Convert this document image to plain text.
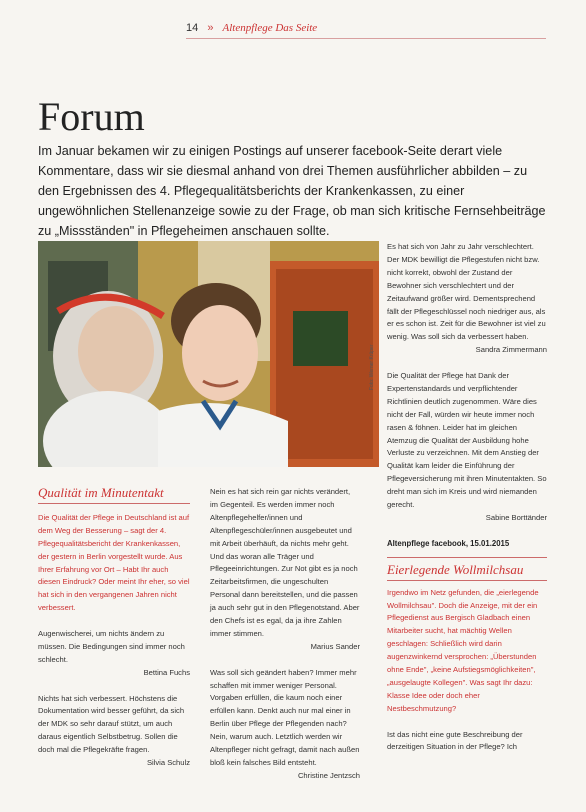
14 » Altenpflege Das Seite
Forum
Im Januar bekamen wir zu einigen Postings auf unserer facebook-Seite derart viele Kommentare, dass wir sie diesmal anhand von drei Themen ausführlicher abbilden – zu den Ergebnissen des 4. Pflegequalitätsberichts der Krankenkassen, zu einer ungewöhnlichen Stellenanzeige sowie zu der Frage, ob man sich kritische Fernsehbeiträge zu „Missständen" in Pflegeheimen anschauen sollte.
Foto: Werner Krüper
Qualität im Minutentakt

Die Qualität der Pflege in Deutschland ist auf dem Weg der Besserung – sagt der 4. Pflegequalitätsbericht der Krankenkassen, der gestern in Berlin vorgestellt wurde. Aus Ihrer Erfahrung vor Ort – Habt Ihr auch diesen Eindruck? Oder meint Ihr eher, so viel hat sich in den vergangenen Jahren nicht verbessert.

Augenwischerei, um nichts ändern zu müssen. Die Bedingungen sind immer noch schlecht.

Bettina Fuchs

Nichts hat sich verbessert. Höchstens die Dokumentation wird besser geführt, da sich der MDK so sehr darauf stützt, um auch daraus eigentlich Selbstbetrug. Sollen die doch mal die Pflegekräfte fragen.

Silvia Schulz

Nein es hat sich rein gar nichts verändert, im Gegenteil. Es werden immer noch Altenpflegehelfer/innen und Altenpflegeschüler/innen ausgebeutet und mit Arbeit überhäuft, da nichts mehr geht. Und das woran alle Träger und Pflegeeinrichtungen. Zur Not gibt es ja noch Zeitarbeitsfirmen, die ungeschulten Personal dann bereitstellen, und die passen ja auch sehr gut in den Pflegenotstand. Aber den Chefs ist es egal, da ja ihre Zahlen immer stimmen.

Marius Sander

Was soll sich geändert haben? Immer mehr schaffen mit immer weniger Personal. Vorgaben erfüllen, die kaum noch einer erfüllen kann. Denkt auch nur mal einer in Berlin über Pflege der Pflegenden nach? Nein, warum auch. Letztlich werden wir Altenpfleger nicht gefragt, damit nach außen bloß kein falsches Bild entsteht.

Christine Jentzsch

Es hat sich von Jahr zu Jahr verschlechtert. Der MDK bewilligt die Pflegestufen nicht bzw. nicht korrekt, obwohl der Zustand der Bewohner sich verschlechtert und der Zeitaufwand größer wird. Dementsprechend fällt der Pflegeschlüssel noch niedriger aus, als er es schon ist. Zeit für die Bewohner ist viel zu wenig. Was soll sich da verbessert haben.

Sandra Zimmermann

Die Qualität der Pflege hat Dank der Expertenstandards und verpflichtender Richtlinien deutlich zugenommen. Wäre dies nicht der Fall, würden wir heute immer noch rasen & föhnen. Leider hat im gleichen Atemzug die Qualität der Ausbildung hohe Verluste zu verzeichnen. Mit dem Anstieg der Qualität kam leider die Einführung der Pflegeversicherung mit ihren Minutentakten. So dreht man sich im Kreis und wird niemanden gerecht.

Sabine Borttänder
Altenpflege facebook, 15.01.2015
Eierlegende Wollmilchsau

Irgendwo im Netz gefunden, die „eierlegende Wollmilchsau". Doch die Anzeige, mit der ein Pflegedienst aus Bergisch Gladbach einen Mitarbeiter sucht, hat mächtig Wellen geschlagen: Schließlich wird darin augenzwinkernd versprochen: „Überstunden ohne Ende", „keine Aufstiegsmöglichkeiten", „ausgelaugte Kollegen". Was sagt Ihr dazu: Klasse Idee oder doch eher Nestbeschmutzung?

Ist das nicht eine gute Beschreibung der derzeitigen Situation in der Pflege? Ich
